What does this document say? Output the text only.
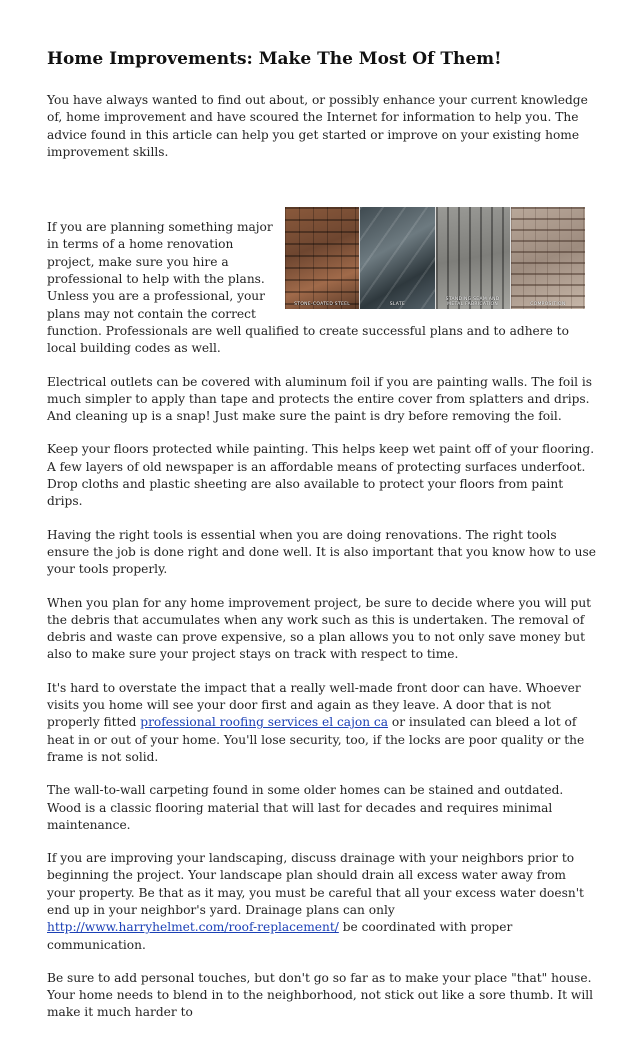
Home Improvements: Make The Most Of Them!

You have always wanted to find out about, or possibly enhance your current knowledge of, home improvement and have scoured the Internet for information to help you. The advice found in this article can help you get started or improve on your existing home improvement skills.

STONE-COATED STEEL	SLATE
STANDING SEAM AND METAL FABRICATION	COMPOSITION

If you are planning something major in terms of a home renovation project, make sure you hire a professional to help with the plans. Unless you are a professional, your plans may not contain the correct function. Professionals are well qualified to create successful plans and to adhere to local building codes as well.

Electrical outlets can be covered with aluminum foil if you are painting walls. The foil is much simpler to apply than tape and protects the entire cover from splatters and drips. And cleaning up is a snap! Just make sure the paint is dry before removing the foil.

Keep your floors protected while painting. This helps keep wet paint off of your flooring. A few layers of old newspaper is an affordable means of protecting surfaces underfoot. Drop cloths and plastic sheeting are also available to protect your floors from paint drips.

Having the right tools is essential when you are doing renovations. The right tools ensure the job is done right and done well. It is also important that you know how to use your tools properly.

When you plan for any home improvement project, be sure to decide where you will put the debris that accumulates when any work such as this is undertaken. The removal of debris and waste can prove expensive, so a plan allows you to not only save money but also to make sure your project stays on track with respect to time.

It's hard to overstate the impact that a really well-made front door can have. Whoever visits you home will see your door first and again as they leave. A door that is not properly fitted professional roofing services el cajon ca or insulated can bleed a lot of heat in or out of your home. You'll lose security, too, if the locks are poor quality or the frame is not solid.

The wall-to-wall carpeting found in some older homes can be stained and outdated. Wood is a classic flooring material that will last for decades and requires minimal maintenance.

If you are improving your landscaping, discuss drainage with your neighbors prior to beginning the project. Your landscape plan should drain all excess water away from your property. Be that as it may, you must be careful that all your excess water doesn't end up in your neighbor's yard. Drainage plans can only http://www.harryhelmet.com/roof-replacement/ be coordinated with proper communication.

Be sure to add personal touches, but don't go so far as to make your place "that" house. Your home needs to blend in to the neighborhood, not stick out like a sore thumb. It will make it much harder to
